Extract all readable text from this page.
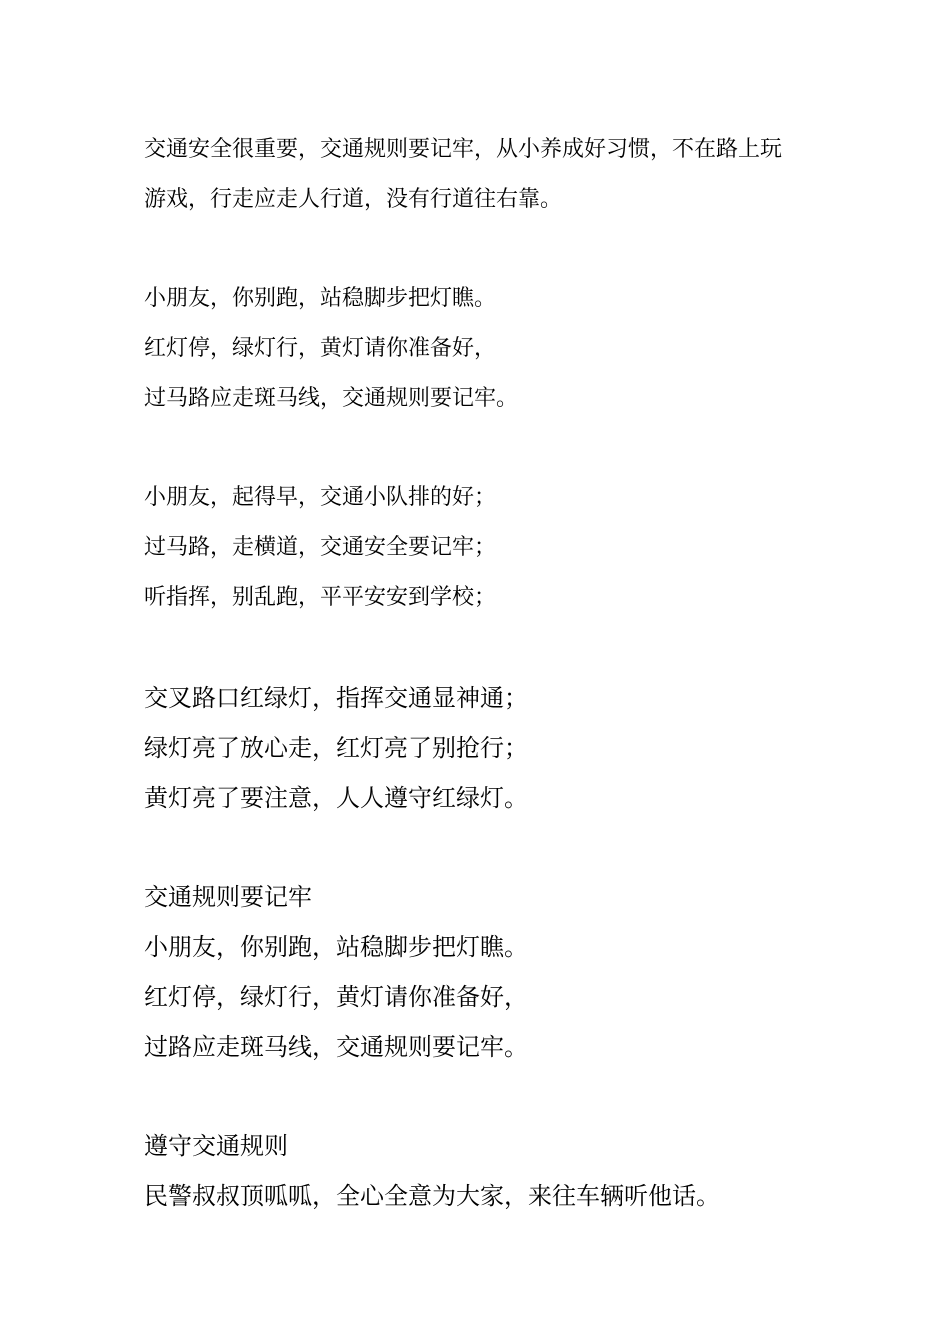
交通安全很重要，交通规则要记牢，从小养成好习惯，不在路上玩
游戏，行走应走人行道，没有行道往右靠。
小朋友，你别跑，站稳脚步把灯瞧。
红灯停，绿灯行，黄灯请你准备好，
过马路应走斑马线，交通规则要记牢。
小朋友，起得早，交通小队排的好；
过马路，走横道，交通安全要记牢；
听指挥，别乱跑，平平安安到学校；
交叉路口红绿灯，指挥交通显神通；
绿灯亮了放心走，红灯亮了别抢行；
黄灯亮了要注意，人人遵守红绿灯。
交通规则要记牢
小朋友，你别跑，站稳脚步把灯瞧。
红灯停，绿灯行，黄灯请你准备好，
过路应走斑马线，交通规则要记牢。
遵守交通规则
民警叔叔顶呱呱，全心全意为大家，来往车辆听他话。
